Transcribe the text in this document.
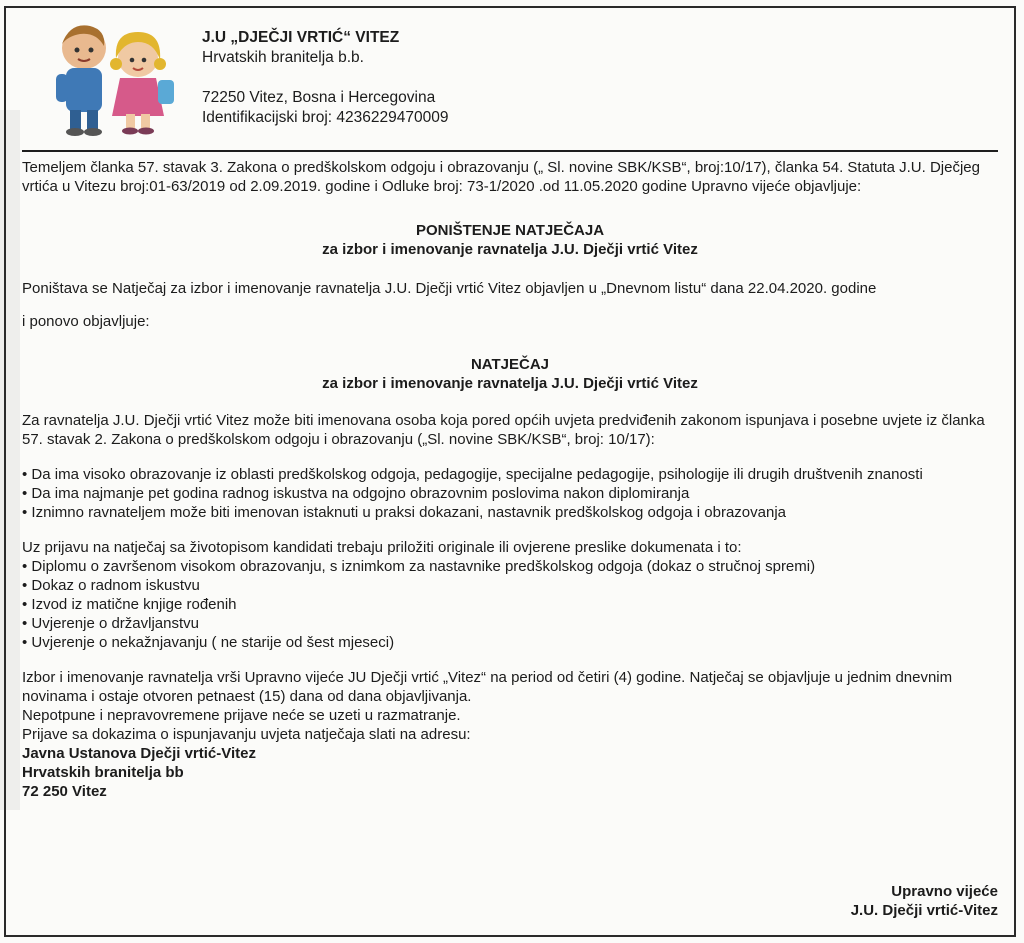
J.U „DJEČJI VRTIĆ“ VITEZ
Hrvatskih branitelja b.b.
72250 Vitez, Bosna i Hercegovina
Identifikacijski broj: 4236229470009

Temeljem članka 57. stavak 3. Zakona o predškolskom odgoju i obrazovanju („ Sl. novine SBK/KSB“, broj:10/17), članka 54. Statuta J.U. Dječjeg vrtića u Vitezu broj:01-63/2019 od 2.09.2019. godine i Odluke broj: 73-1/2020 .od 11.05.2020 godine Upravno vijeće objavljuje:

PONIŠTENJE NATJEČAJA
za izbor i imenovanje ravnatelja J.U. Dječji vrtić Vitez

Poništava se Natječaj za izbor i imenovanje ravnatelja J.U. Dječji vrtić Vitez objavljen u „Dnevnom listu“ dana 22.04.2020. godine

i ponovo objavljuje:

NATJEČAJ
za izbor i imenovanje ravnatelja J.U. Dječji vrtić Vitez

Za ravnatelja J.U. Dječji vrtić Vitez može biti imenovana osoba koja pored općih uvjeta predviđenih zakonom ispunjava i posebne uvjete iz članka 57. stavak 2. Zakona o predškolskom odgoju i obrazovanju („Sl. novine SBK/KSB“, broj: 10/17):

• Da ima visoko obrazovanje iz oblasti predškolskog odgoja, pedagogije, specijalne pedagogije, psihologije ili drugih društvenih znanosti
• Da ima najmanje pet godina radnog iskustva na odgojno obrazovnim poslovima nakon diplomiranja
• Iznimno ravnateljem može biti imenovan istaknuti u praksi dokazani, nastavnik predškolskog odgoja i obrazovanja

Uz prijavu na natječaj sa životopisom kandidati trebaju priložiti originale ili ovjerene preslike dokumenata i to:

• Diplomu o završenom visokom obrazovanju, s iznimkom za nastavnike predškolskog odgoja (dokaz o stručnoj spremi)
• Dokaz o radnom iskustvu
• Izvod iz matične knjige rođenih
• Uvjerenje o državljanstvu
• Uvjerenje o nekažnjavanju ( ne starije od šest mjeseci)

Izbor i imenovanje ravnatelja vrši Upravno vijeće JU Dječji vrtić „Vitez“ na period od četiri (4) godine. Natječaj se objavljuje u jednim dnevnim novinama i ostaje otvoren petnaest (15) dana od dana objavljivanja.

Nepotpune i nepravovremene prijave neće se uzeti u razmatranje.

Prijave sa dokazima o ispunjavanju uvjeta natječaja slati na adresu:

Javna Ustanova Dječji vrtić-Vitez
Hrvatskih branitelja bb
72 250 Vitez
Upravno vijeće
J.U. Dječji vrtić-Vitez
